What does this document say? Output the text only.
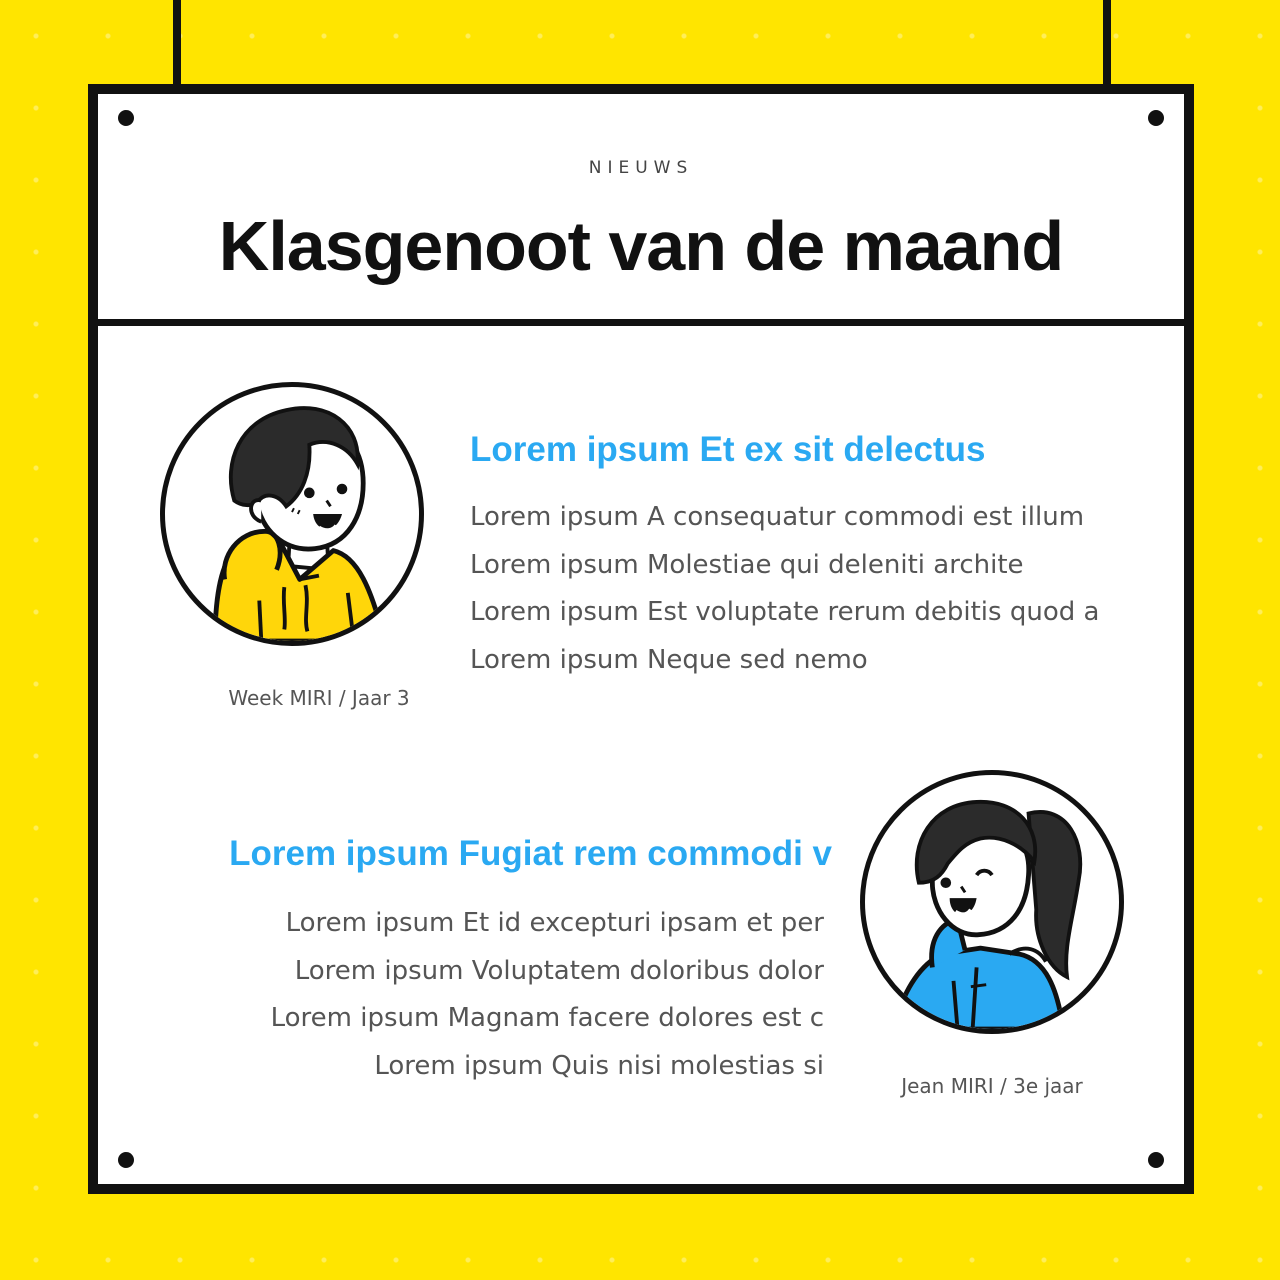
NIEUWS
Klasgenoot van de maand
Week MIRI / Jaar 3
Lorem ipsum Et ex sit delectus
Lorem ipsum A consequatur commodi est illum
Lorem ipsum Molestiae qui deleniti archite
Lorem ipsum Est voluptate rerum debitis quod a
Lorem ipsum Neque sed nemo
Jean MIRI / 3e jaar
Lorem ipsum Fugiat rem commodi v
Lorem ipsum Et id excepturi ipsam et per
Lorem ipsum Voluptatem doloribus dolor
Lorem ipsum Magnam facere dolores est c
Lorem ipsum Quis nisi molestias si
